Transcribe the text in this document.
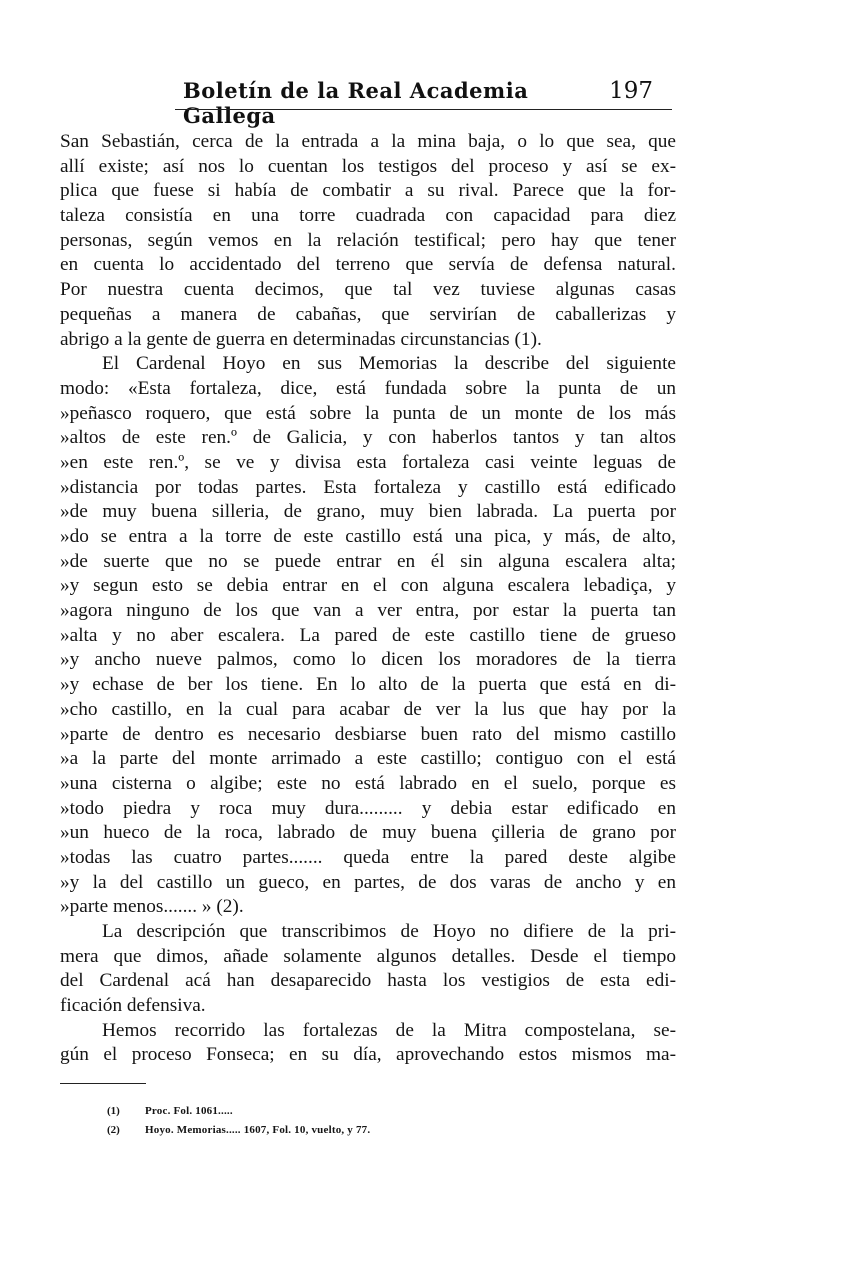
Boletín de la Real Academia Gallega
197
San Sebastián, cerca de la entrada a la mina baja, o lo que sea, que
allí existe; así nos lo cuentan los testigos del proceso y así se ex-
plica que fuese si había de combatir a su rival. Parece que la for-
taleza consistía en una torre cuadrada con capacidad para diez
personas, según vemos en la relación testifical; pero hay que tener
en cuenta lo accidentado del terreno que servía de defensa natural.
Por nuestra cuenta decimos, que tal vez tuviese algunas casas
pequeñas a manera de cabañas, que servirían de caballerizas y
abrigo a la gente de guerra en determinadas circunstancias (1).
El Cardenal Hoyo en sus Memorias la describe del siguiente
modo: «Esta fortaleza, dice, está fundada sobre la punta de un
»peñasco roquero, que está sobre la punta de un monte de los más
»altos de este ren.º de Galicia, y con haberlos tantos y tan altos
»en este ren.º, se ve y divisa esta fortaleza casi veinte leguas de
»distancia por todas partes. Esta fortaleza y castillo está edificado
»de muy buena silleria, de grano, muy bien labrada. La puerta por
»do se entra a la torre de este castillo está una pica, y más, de alto,
»de suerte que no se puede entrar en él sin alguna escalera alta;
»y segun esto se debia entrar en el con alguna escalera lebadiça, y
»agora ninguno de los que van a ver entra, por estar la puerta tan
»alta y no aber escalera. La pared de este castillo tiene de grueso
»y ancho nueve palmos, como lo dicen los moradores de la tierra
»y echase de ber los tiene. En lo alto de la puerta que está en di-
»cho castillo, en la cual para acabar de ver la lus que hay por la
»parte de dentro es necesario desbiarse buen rato del mismo castillo
»a la parte del monte arrimado a este castillo; contiguo con el está
»una cisterna o algibe; este no está labrado en el suelo, porque es
»todo piedra y roca muy dura......... y debia estar edificado en
»un hueco de la roca, labrado de muy buena çilleria de grano por
»todas las cuatro partes....... queda entre la pared deste algibe
»y la del castillo un gueco, en partes, de dos varas de ancho y en
»parte menos....... » (2).
La descripción que transcribimos de Hoyo no difiere de la pri-
mera que dimos, añade solamente algunos detalles. Desde el tiempo
del Cardenal acá han desaparecido hasta los vestigios de esta edi-
ficación defensiva.
Hemos recorrido las fortalezas de la Mitra compostelana, se-
gún el proceso Fonseca; en su día, aprovechando estos mismos ma-
(1) Proc. Fol. 1061.....
(2) Hoyo. Memorias..... 1607, Fol. 10, vuelto, y 77.
